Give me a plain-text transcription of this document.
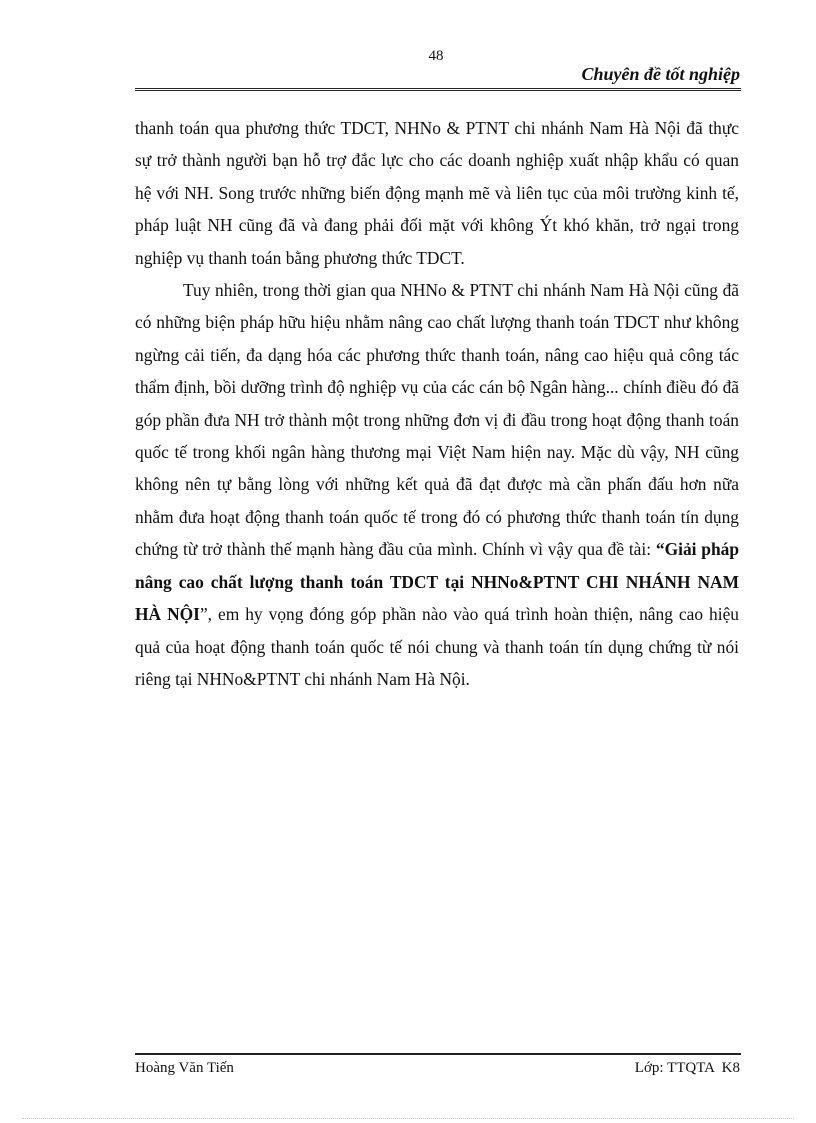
48
Chuyên đề tốt nghiệp

thanh toán qua phương thức TDCT, NHNo & PTNT chi nhánh Nam Hà Nội đã thực sự trở thành người bạn hỗ trợ đắc lực cho các doanh nghiệp xuất nhập khẩu có quan hệ với NH. Song trước những biến động mạnh mẽ và liên tục của môi trường kinh tế, pháp luật NH cũng đã và đang phải đối mặt với không Ýt khó khăn, trở ngại trong nghiệp vụ thanh toán bằng phương thức TDCT.

Tuy nhiên, trong thời gian qua NHNo & PTNT chi nhánh Nam Hà Nội cũng đã có những biện pháp hữu hiệu nhằm nâng cao chất lượng thanh toán TDCT như không ngừng cải tiến, đa dạng hóa các phương thức thanh toán, nâng cao hiệu quả công tác thẩm định, bồi dưỡng trình độ nghiệp vụ của các cán bộ Ngân hàng... chính điều đó đã góp phần đưa NH trở thành một trong những đơn vị đi đầu trong hoạt động thanh toán quốc tế trong khối ngân hàng thương mại Việt Nam hiện nay. Mặc dù vậy, NH cũng không nên tự bằng lòng với những kết quả đã đạt được mà cần phấn đấu hơn nữa nhằm đưa hoạt động thanh toán quốc tế trong đó có phương thức thanh toán tín dụng chứng từ trở thành thế mạnh hàng đầu của mình. Chính vì vậy qua đề tài: “Giải pháp nâng cao chất lượng thanh toán TDCT tại NHNo&PTNT CHI NHÁNH NAM HÀ NỘI”, em hy vọng đóng góp phần nào vào quá trình hoàn thiện, nâng cao hiệu quả của hoạt động thanh toán quốc tế nói chung và thanh toán tín dụng chứng từ nói riêng tại NHNo&PTNT chi nhánh Nam Hà Nội.

Hoàng Văn Tiến	Lớp: TTQTA  K8
